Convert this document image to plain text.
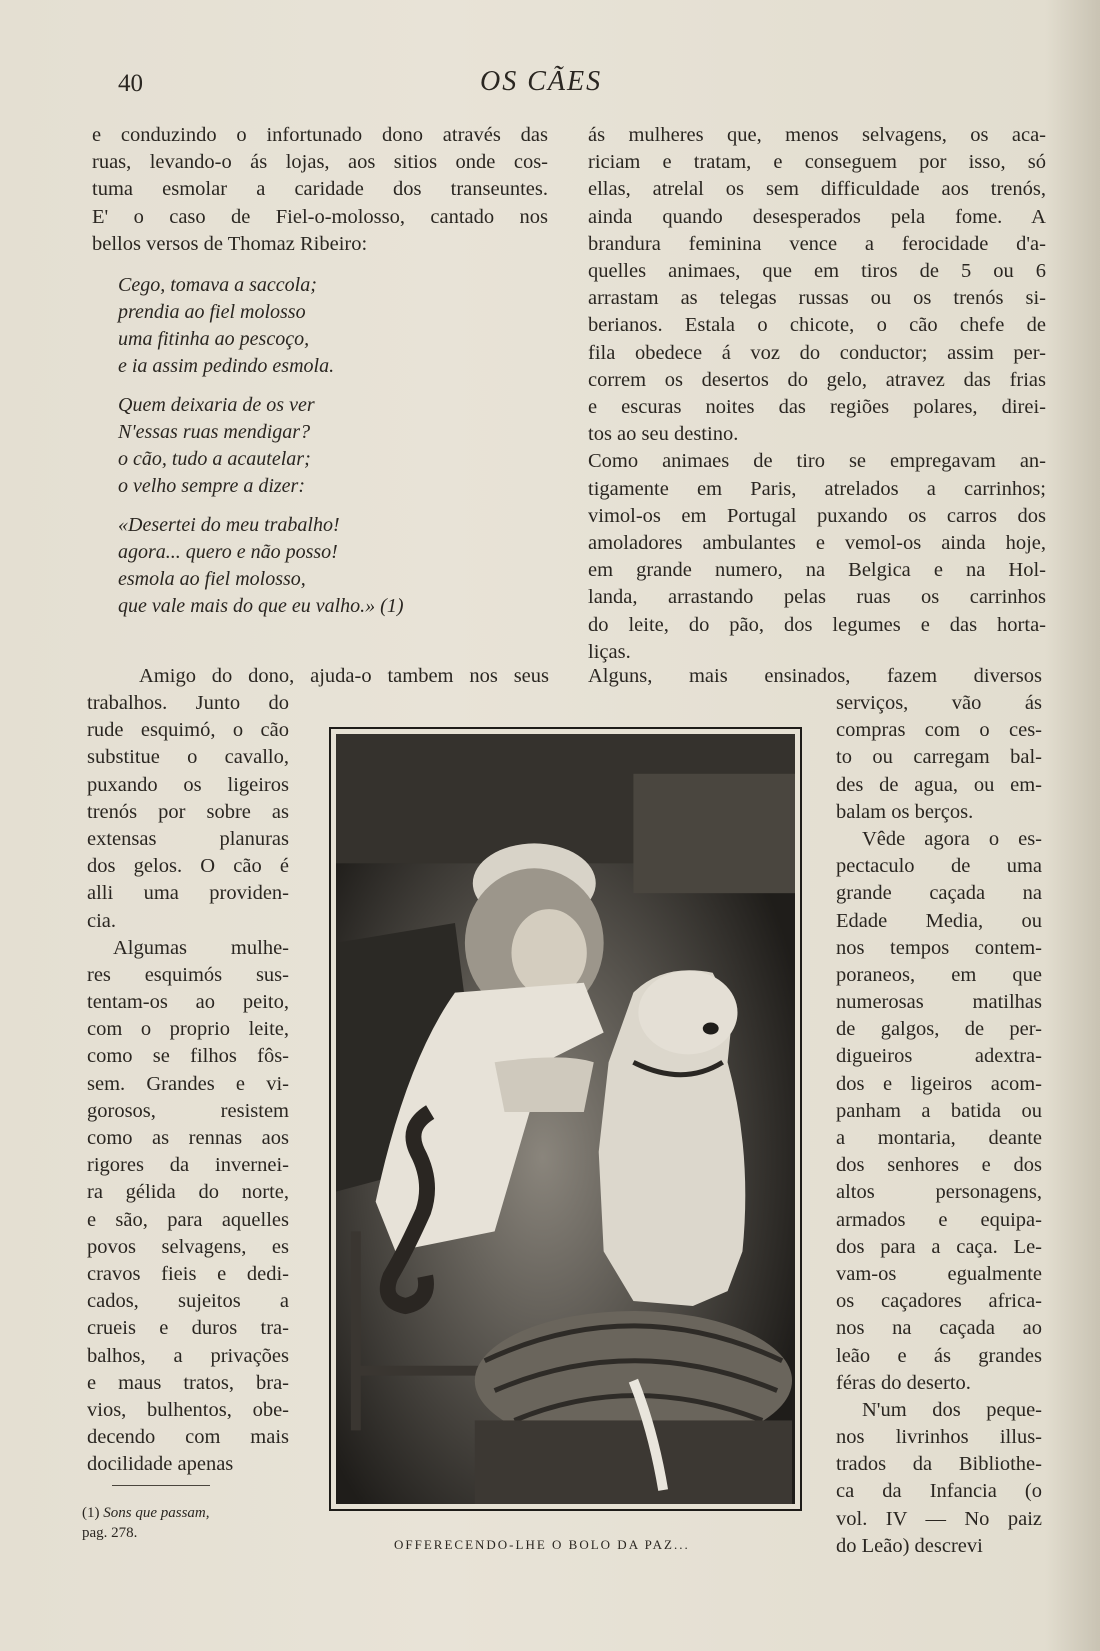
40	OS CÃES
e conduzindo o infortunado dono através das
ruas, levando-o ás lojas, aos sitios onde cos-
tuma esmolar a caridade dos transeuntes.
E' o caso de Fiel-o-molosso, cantado nos
bellos versos de Thomaz Ribeiro:
Cego, tomava a saccola;
prendia ao fiel molosso
uma fitinha ao pescoço,
e ia assim pedindo esmola.
Quem deixaria de os ver
N'essas ruas mendigar?
o cão, tudo a acautelar;
o velho sempre a dizer:
«Desertei do meu trabalho!
agora... quero e não posso!
esmola ao fiel molosso,
que vale mais do que eu valho.» (1)
Amigo do dono, ajuda-o tambem nos seus
trabalhos. Junto do
rude esquimó, o cão
substitue o cavallo,
puxando os ligeiros
trenós por sobre as
extensas planuras
dos gelos. O cão é
alli uma providen-
cia.
Algumas mulhe-
res esquimós sus-
tentam-os ao peito,
com o proprio leite,
como se filhos fôs-
sem. Grandes e vi-
gorosos, resistem
como as rennas aos
rigores da inverneі-
ra gélida do norte,
e são, para aquelles
povos selvagens, es
cravos fieis e dedi-
cados, sujeitos a
crueis e duros tra-
balhos, a privações
e maus tratos, bra-
vios, bulhentos, obe-
decendo com mais
docilidade apenas
ás mulheres que, menos selvagens, os aca-
riciam e tratam, e conseguem por isso, só
ellas, atrelal os sem difficuldade aos trenós,
ainda quando desesperados pela fome. A
brandura feminina vence a ferocidade d'a-
quelles animaes, que em tiros de 5 ou 6
arrastam as telegas russas ou os trenós si-
berianos. Estala o chicote, o cão chefe de
fila obedece á voz do conductor; assim per-
correm os desertos do gelo, atravez das frias
e escuras noites das regiões polares, direi-
tos ao seu destino.
Como animaes de tiro se empregavam an-
tigamente em Paris, atrelados a carrinhos;
vimol-os em Portugal puxando os carros dos
amoladores ambulantes e vemol-os ainda hoje,
em grande numero, na Belgica e na Hol-
landa, arrastando pelas ruas os carrinhos
do leite, do pão, dos legumes e das horta-
liças.
Alguns, mais ensinados, fazem diversos
serviços, vão ás
compras com o ces-
to ou carregam bal-
des de agua, ou em-
balam os berços.
Vêde agora o es-
pectaculo de uma
grande caçada na
Edade Media, ou
nos tempos contem-
poraneos, em que
numerosas matilhas
de galgos, de per-
digueiros adextra-
dos e ligeiros acom-
panham a batida ou
a montaria, deante
dos senhores e dos
altos personagens,
armados e equipa-
dos para a caça. Le-
vam-os egualmente
os caçadores africa-
nos na caçada ao
leão e ás grandes
féras do deserto.
N'um dos peque-
nos livrinhos illus-
trados da Bibliothe-
ca da Infancia (o
vol. IV — No paiz
do Leão) descrevi
OFFERECENDO-LHE O BOLO DA PAZ...
(1) Sons que passam,
pag. 278.
